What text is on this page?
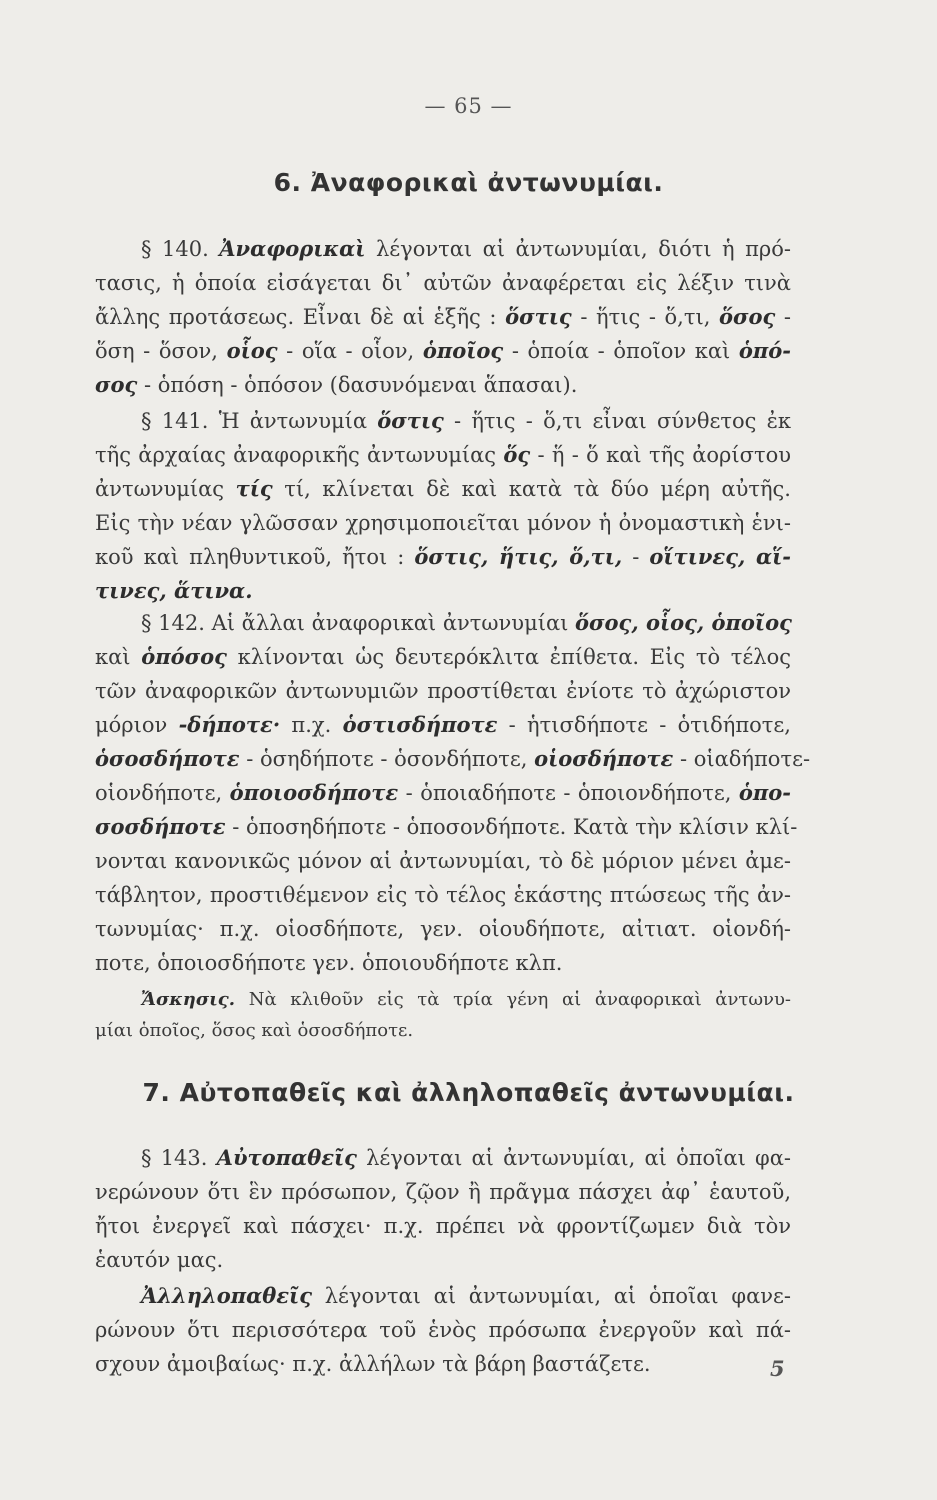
— 65 —
6. Ἀναφορικαὶ ἀντωνυμίαι.
§ 140. Ἀναφορικαὶ λέγονται αἱ ἀντωνυμίαι, διότι ἡ πρό-
τασις, ἡ ὁποία εἰσάγεται δι᾿ αὐτῶν ἀναφέρεται εἰς λέξιν τινὰ
ἄλλης προτάσεως. Εἶναι δὲ αἱ ἑξῆς : ὅστις - ἥτις - ὅ,τι, ὅσος -
ὅση - ὅσον, οἷος - οἵα - οἷον, ὁποῖος - ὁποία - ὁποῖον καὶ ὁπό-
σος - ὁπόση - ὁπόσον (δασυνόμεναι ἅπασαι).
§ 141. Ἡ ἀντωνυμία ὅστις - ἥτις - ὅ,τι εἶναι σύνθετος ἐκ
τῆς ἀρχαίας ἀναφορικῆς ἀντωνυμίας ὅς - ἥ - ὅ καὶ τῆς ἀορίστου
ἀντωνυμίας τίς τί, κλίνεται δὲ καὶ κατὰ τὰ δύο μέρη αὐτῆς.
Εἰς τὴν νέαν γλῶσσαν χρησιμοποιεῖται μόνον ἡ ὀνομαστικὴ ἑνι-
κοῦ καὶ πληθυντικοῦ, ἤτοι : ὅστις, ἥτις, ὅ,τι, - οἵτινες, αἵ-
τινες, ἅτινα.
§ 142. Αἱ ἄλλαι ἀναφορικαὶ ἀντωνυμίαι ὅσος, οἷος, ὁποῖος
καὶ ὁπόσος κλίνονται ὡς δευτερόκλιτα ἐπίθετα. Εἰς τὸ τέλος
τῶν ἀναφορικῶν ἀντωνυμιῶν προστίθεται ἐνίοτε τὸ ἀχώριστον
μόριον -δήποτε· π.χ. ὁστισδήποτε - ἡτισδήποτε - ὁτιδήποτε,
ὁσοσδήποτε - ὁσηδήποτε - ὁσονδήποτε, οἱοσδήποτε - οἱαδήποτε-
οἱονδήποτε, ὁποιοσδήποτε - ὁποιαδήποτε - ὁποιονδήποτε, ὁπο-
σοσδήποτε - ὁποσηδήποτε - ὁποσονδήποτε. Κατὰ τὴν κλίσιν κλί-
νονται κανονικῶς μόνον αἱ ἀντωνυμίαι, τὸ δὲ μόριον μένει ἀμε-
τάβλητον, προστιθέμενον εἰς τὸ τέλος ἑκάστης πτώσεως τῆς ἀν-
τωνυμίας· π.χ. οἱοσδήποτε, γεν. οἱουδήποτε, αἰτιατ. οἱονδή-
ποτε, ὁποιοσδήποτε γεν. ὁποιουδήποτε κλπ.
Ἄσκησις. Νὰ κλιθοῦν εἰς τὰ τρία γένη αἱ ἀναφορικαὶ ἀντωνυ-
μίαι ὁποῖος, ὅσος καὶ ὁσοσδήποτε.
7. Αὐτοπαθεῖς καὶ ἀλληλοπαθεῖς ἀντωνυμίαι.
§ 143. Αὐτοπαθεῖς λέγονται αἱ ἀντωνυμίαι, αἱ ὁποῖαι φα-
νερώνουν ὅτι ἓν πρόσωπον, ζῷον ἢ πρᾶγμα πάσχει ἀφ᾿ ἑαυτοῦ,
ἤτοι ἐνεργεῖ καὶ πάσχει· π.χ. πρέπει νὰ φροντίζωμεν διὰ τὸν
ἑαυτόν μας.
Ἀλληλοπαθεῖς λέγονται αἱ ἀντωνυμίαι, αἱ ὁποῖαι φανε-
ρώνουν ὅτι περισσότερα τοῦ ἑνὸς πρόσωπα ἐνεργοῦν καὶ πά-
σχουν ἀμοιβαίως· π.χ. ἀλλήλων τὰ βάρη βαστάζετε.	5
